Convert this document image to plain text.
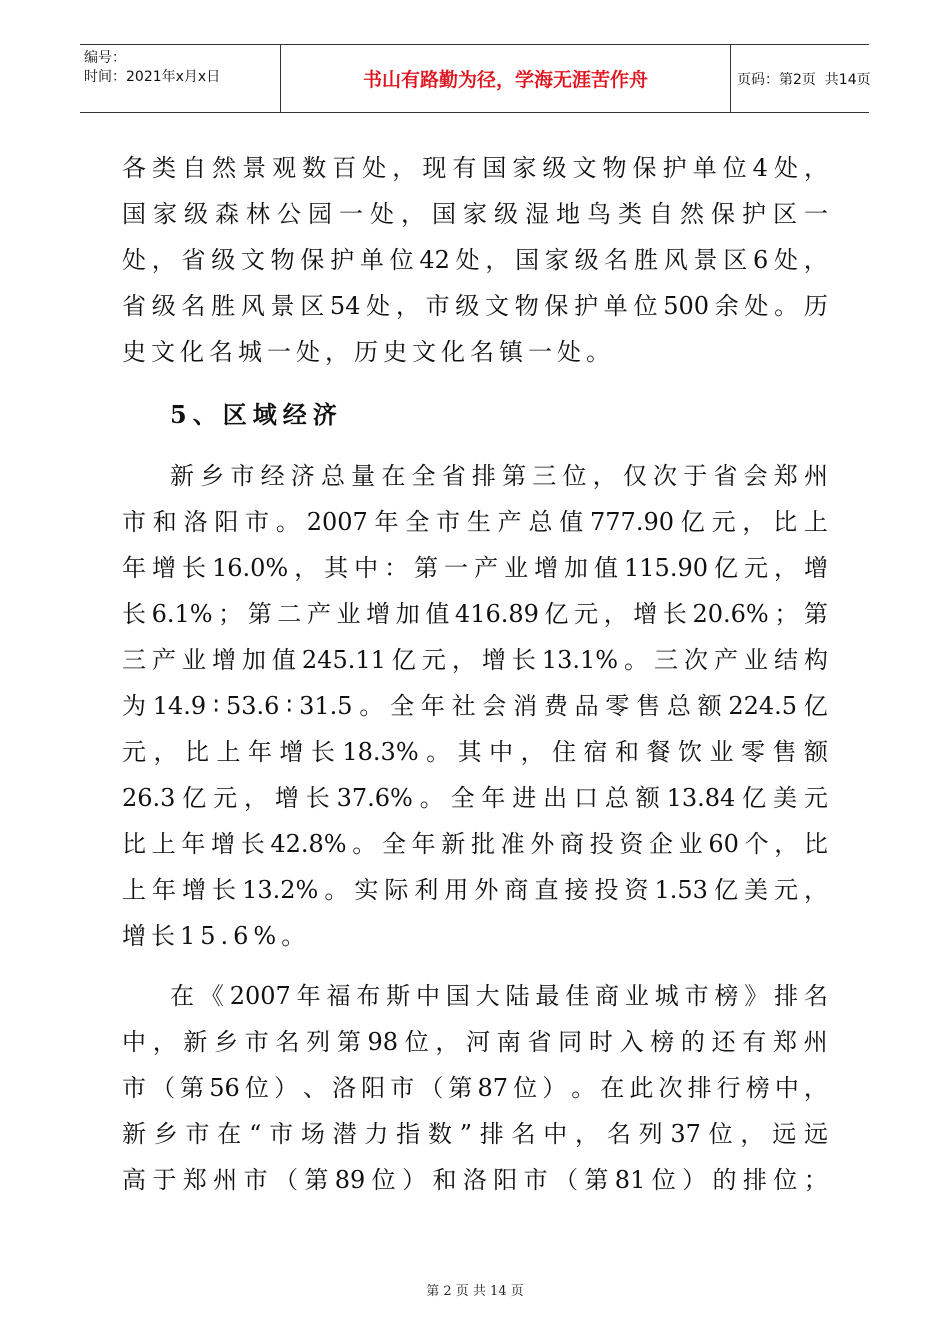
编号：
时间：2021年x月x日	书山有路勤为径，学海无涯苦作舟	页码：第2页  共14页
各 类 自 然 景 观 数 百 处 ， 现 有 国 家 级 文 物 保 护 单 位 4 处 ，
国 家 级 森 林 公 园 一 处 ， 国 家 级 湿 地 鸟 类 自 然 保 护 区 一
处 ， 省 级 文 物 保 护 单 位 42 处 ， 国 家 级 名 胜 风 景 区 6 处 ，
省 级 名 胜 风 景 区 54 处 ， 市 级 文 物 保 护 单 位 500 余 处 。 历
史文化名城一处，历史文化名镇一处。
5、区域经济
新 乡 市 经 济 总 量 在 全 省 排 第 三 位 ， 仅 次 于 省 会 郑 州
市 和 洛 阳 市 。 2007 年 全 市 生 产 总 值 777.90 亿 元 ， 比 上
年 增 长 16.0% ， 其 中 ： 第 一 产 业 增 加 值 115.90 亿 元 ， 增
长 6.1% ； 第 二 产 业 增 加 值 416.89 亿 元 ， 增 长 20.6% ； 第
三 产 业 增 加 值 245.11 亿 元 ， 增 长 13.1% 。 三 次 产 业 结 构
为 14.9 ∶ 53.6 ∶ 31.5 。 全 年 社 会 消 费 品 零 售 总 额 224.5 亿
元 ， 比 上 年 增 长 18.3% 。 其 中 ， 住 宿 和 餐 饮 业 零 售 额
26.3 亿 元 ， 增 长 37.6% 。 全 年 进 出 口 总 额 13.84 亿 美 元
比 上 年 增 长 42.8% 。 全 年 新 批 准 外 商 投 资 企 业 60 个 ， 比
上 年 增 长 13.2% 。 实 际 利 用 外 商 直 接 投 资 1.53 亿 美 元 ，
增长15.6%。
在 《 2007 年 福 布 斯 中 国 大 陆 最 佳 商 业 城 市 榜 》 排 名
中 ， 新 乡 市 名 列 第 98 位 ， 河 南 省 同 时 入 榜 的 还 有 郑 州
市 （ 第 56 位 ） 、 洛 阳 市 （ 第 87 位 ） 。 在 此 次 排 行 榜 中 ，
新 乡 市 在 “ 市 场 潜 力 指 数 ” 排 名 中 ， 名 列 37 位 ， 远 远
高 于 郑 州 市 （ 第 89 位 ） 和 洛 阳 市 （ 第 81 位 ） 的 排 位 ；
第 2 页 共 14 页
